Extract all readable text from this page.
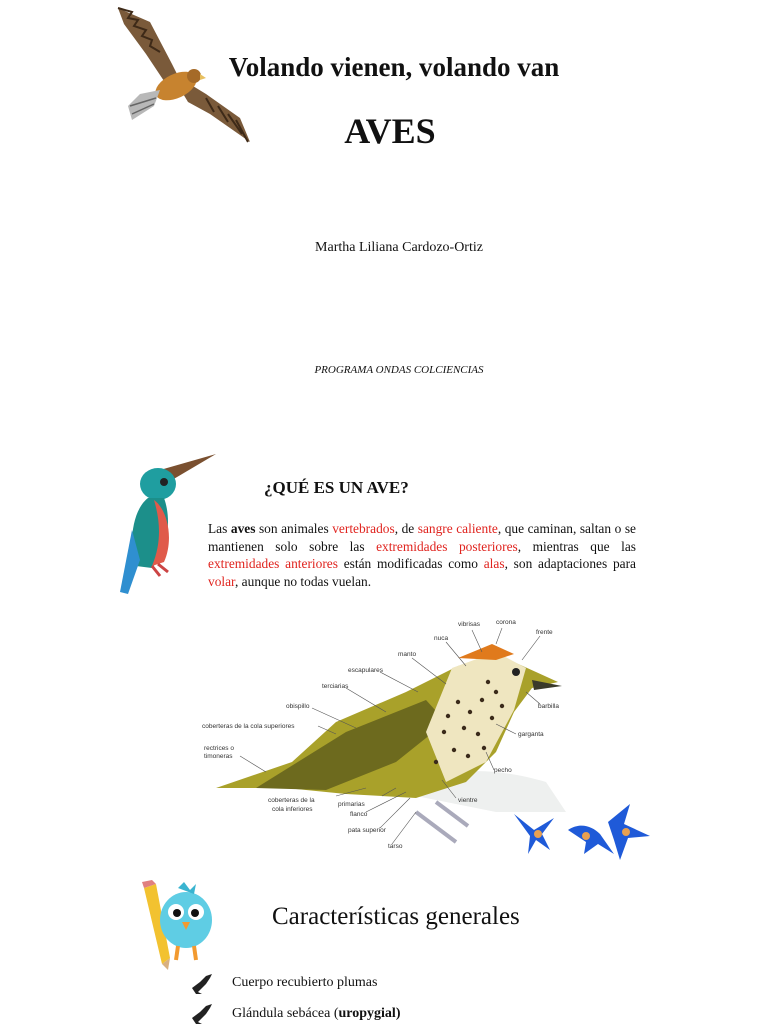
Volando vienen, volando van
AVES
Martha Liliana Cardozo-Ortiz
PROGRAMA ONDAS COLCIENCIAS
¿QUÉ ES UN AVE?
Las aves son animales vertebrados, de sangre caliente, que caminan, saltan o se mantienen solo sobre las extremidades posteriores, mientras que las extremidades anteriores están modificadas como alas, son adaptaciones para volar, aunque no todas vuelan.
vibrisas corona
frente
nuca
manto
escapulares
terciarias
obispillo
coberteras de la cola superiores
rectrices o
timoneras
barbilla
garganta
pecho
vientre
coberteras de la
cola inferiores
primarias
flanco
pata superior
tarso
Características generales
Cuerpo recubierto plumas
Glándula sebácea (uropygial)
